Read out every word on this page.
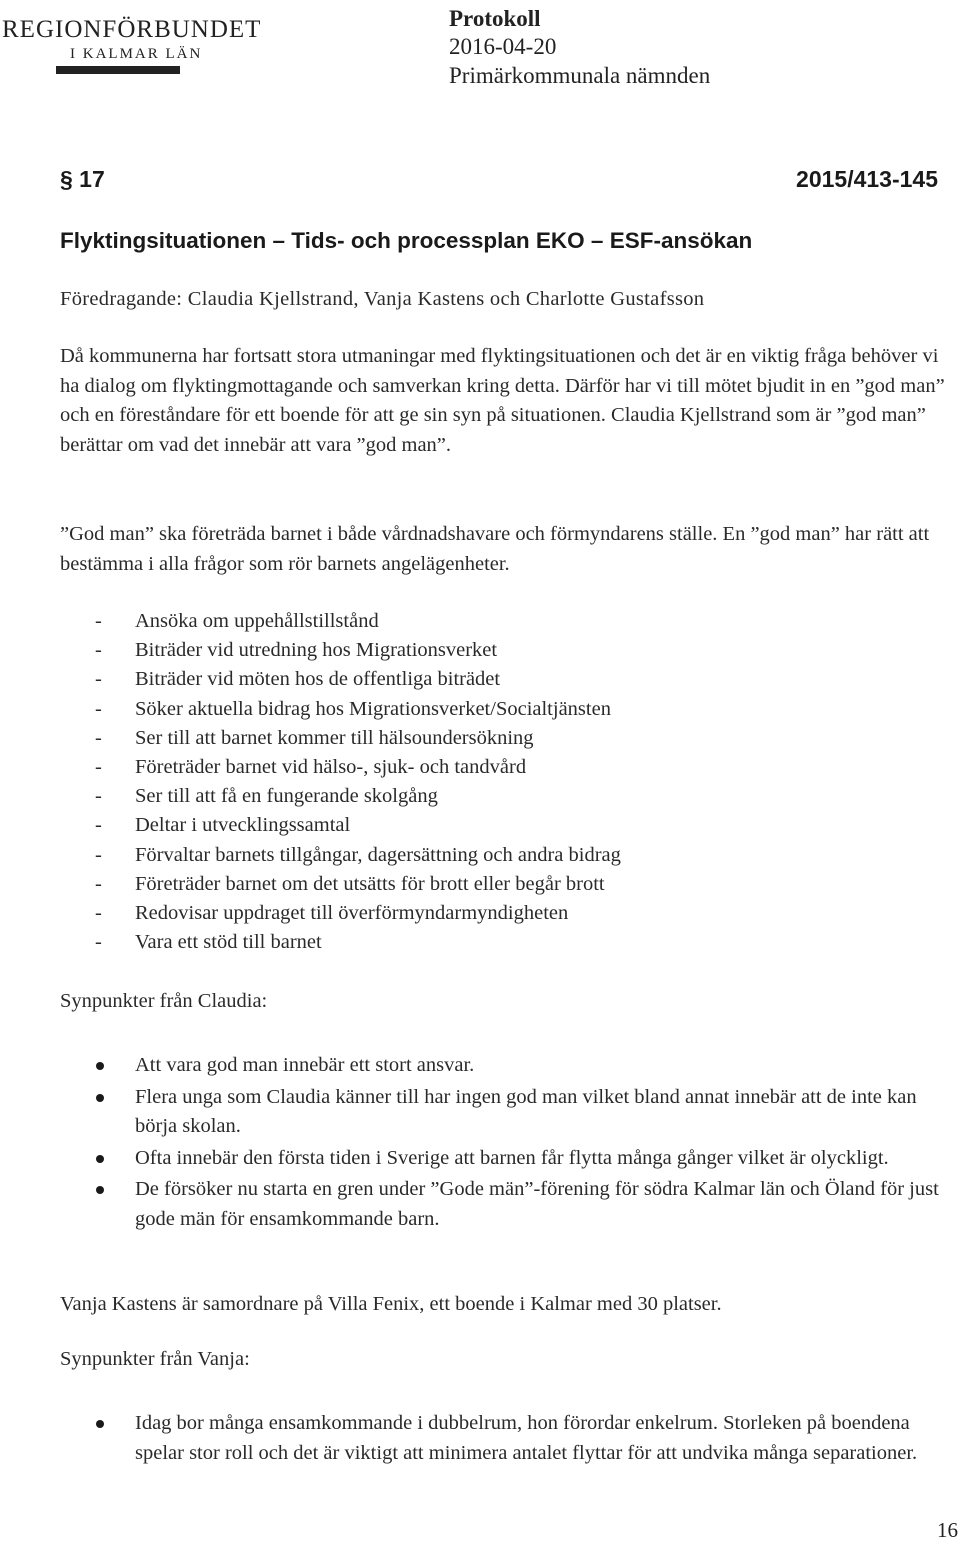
REGIONFÖRBUNDET
I KALMAR LÄN
Protokoll
2016-04-20
Primärkommunala nämnden
§ 17	2015/413-145
Flyktingsituationen – Tids- och processplan EKO – ESF-ansökan
Föredragande: Claudia Kjellstrand, Vanja Kastens och Charlotte Gustafsson
Då kommunerna har fortsatt stora utmaningar med flyktingsituationen och det är en viktig fråga behöver vi ha dialog om flyktingmottagande och samverkan kring detta. Därför har vi till mötet bjudit in en ”god man” och en föreståndare för ett boende för att ge sin syn på situationen. Claudia Kjellstrand som är ”god man” berättar om vad det innebär att vara ”god man”.
”God man” ska företräda barnet i både vårdnadshavare och förmyndarens ställe. En ”god man” har rätt att bestämma i alla frågor som rör barnets angelägenheter.
- Ansöka om uppehållstillstånd
- Biträder vid utredning hos Migrationsverket
- Biträder vid möten hos de offentliga biträdet
- Söker aktuella bidrag hos Migrationsverket/Socialtjänsten
- Ser till att barnet kommer till hälsoundersökning
- Företräder barnet vid hälso-, sjuk- och tandvård
- Ser till att få en fungerande skolgång
- Deltar i utvecklingssamtal
- Förvaltar barnets tillgångar, dagersättning och andra bidrag
- Företräder barnet om det utsätts för brott eller begår brott
- Redovisar uppdraget till överförmyndarmyndigheten
- Vara ett stöd till barnet
Synpunkter från Claudia:
Att vara god man innebär ett stort ansvar.
Flera unga som Claudia känner till har ingen god man vilket bland annat innebär att de inte kan börja skolan.
Ofta innebär den första tiden i Sverige att barnen får flytta många gånger vilket är olyckligt.
De försöker nu starta en gren under ”Gode män”-förening för södra Kalmar län och Öland för just gode män för ensamkommande barn.
Vanja Kastens är samordnare på Villa Fenix, ett boende i Kalmar med 30 platser.
Synpunkter från Vanja:
Idag bor många ensamkommande i dubbelrum, hon förordar enkelrum. Storleken på boendena spelar stor roll och det är viktigt att minimera antalet flyttar för att undvika många separationer.
16
